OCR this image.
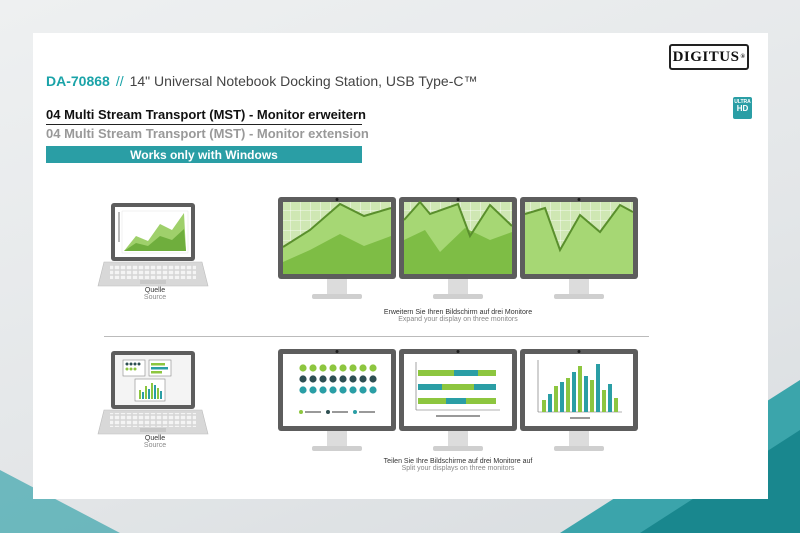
DIGITUS ®
DA-70868 // 14" Universal Notebook Docking Station, USB Type-C™
04 Multi Stream Transport (MST) - Monitor erweitern
04 Multi Stream Transport (MST) - Monitor extension
Works only with Windows
ULTRA
HD
Quelle
Source
Erweitern Sie Ihren Bildschirm auf drei Monitore
Expand your display on three monitors
Quelle
Source
Teilen Sie Ihre Bildschirme auf drei Monitore auf
Split your displays on three monitors
